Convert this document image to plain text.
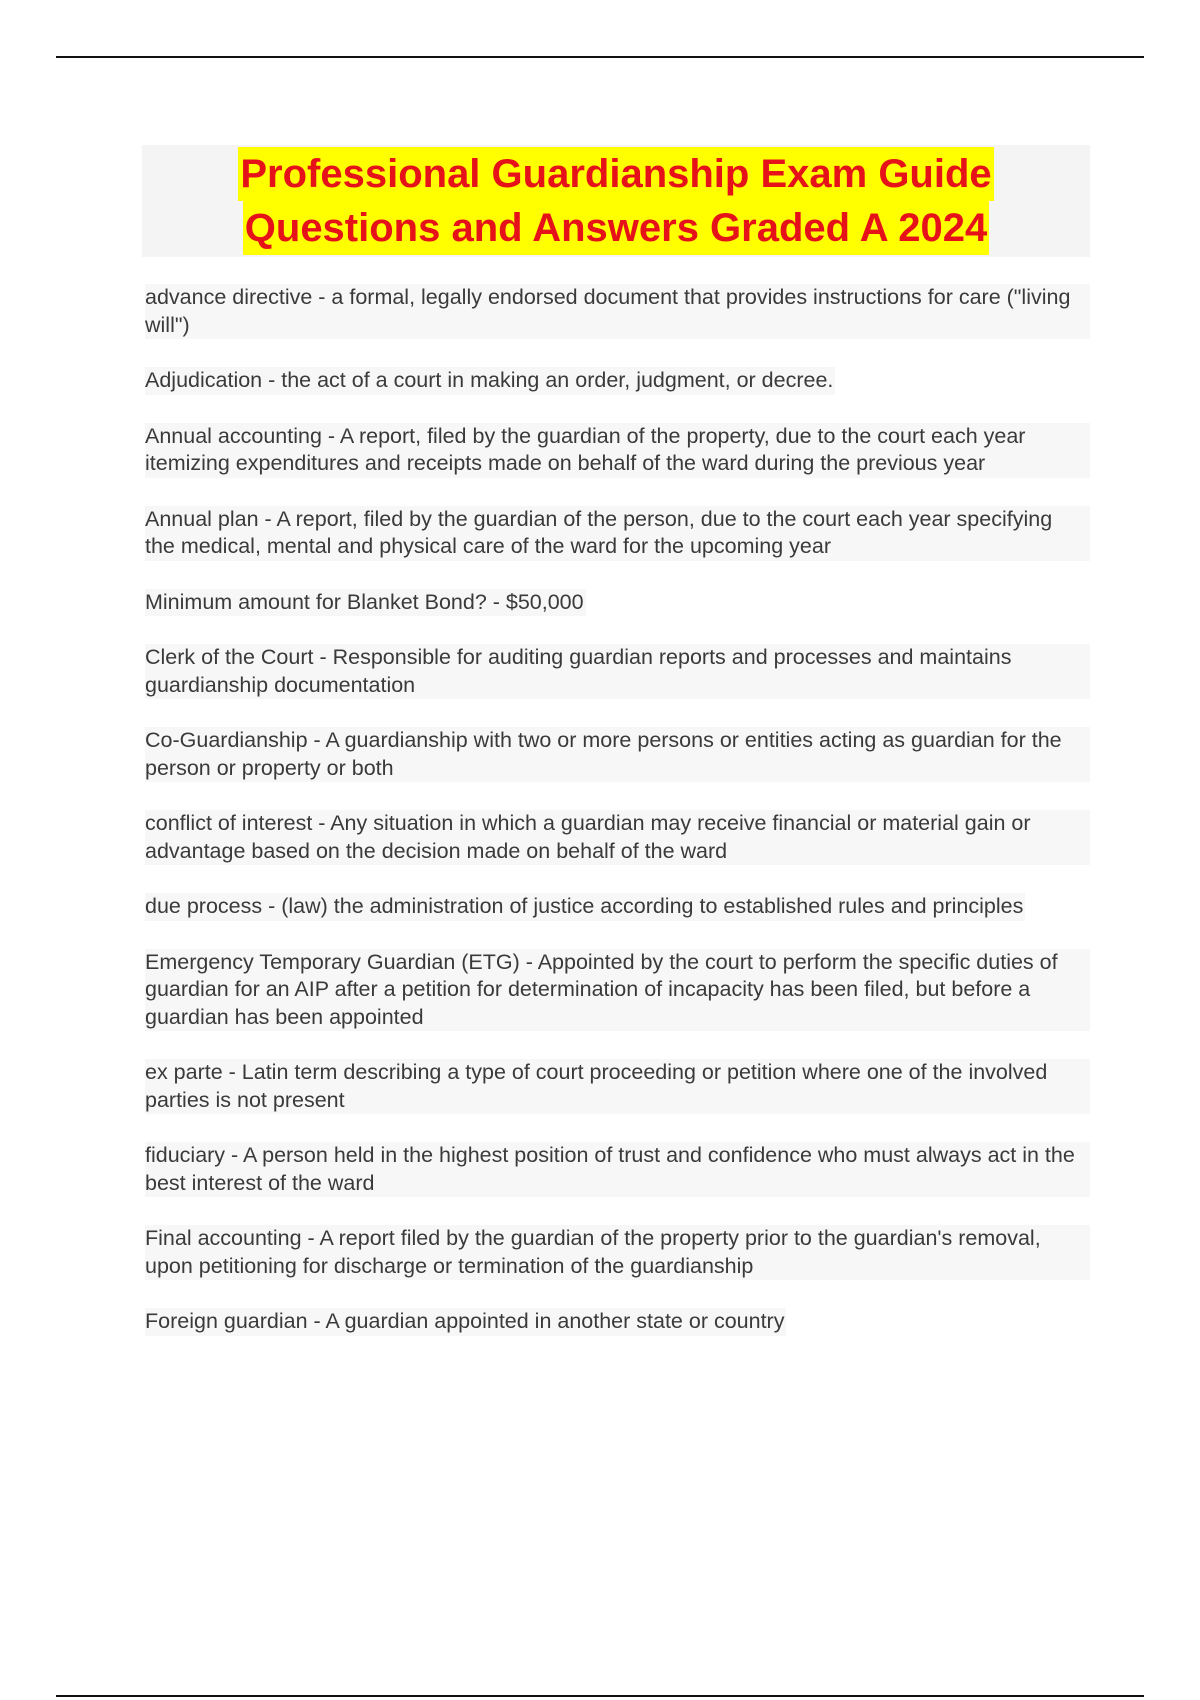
Professional Guardianship Exam Guide
Questions and Answers Graded A 2024

advance directive - a formal, legally endorsed document that provides instructions for care ("living will")

Adjudication - the act of a court in making an order, judgment, or decree.

Annual accounting - A report, filed by the guardian of the property, due to the court each year itemizing expenditures and receipts made on behalf of the ward during the previous year

Annual plan - A report, filed by the guardian of the person, due to the court each year specifying the medical, mental and physical care of the ward for the upcoming year

Minimum amount for Blanket Bond? - $50,000

Clerk of the Court - Responsible for auditing guardian reports and processes and maintains guardianship documentation

Co-Guardianship - A guardianship with two or more persons or entities acting as guardian for the person or property or both

conflict of interest - Any situation in which a guardian may receive financial or material gain or advantage based on the decision made on behalf of the ward

due process - (law) the administration of justice according to established rules and principles

Emergency Temporary Guardian (ETG) - Appointed by the court to perform the specific duties of guardian for an AIP after a petition for determination of incapacity has been filed, but before a guardian has been appointed

ex parte - Latin term describing a type of court proceeding or petition where one of the involved parties is not present

fiduciary - A person held in the highest position of trust and confidence who must always act in the best interest of the ward

Final accounting - A report filed by the guardian of the property prior to the guardian's removal, upon petitioning for discharge or termination of the guardianship

Foreign guardian - A guardian appointed in another state or country
